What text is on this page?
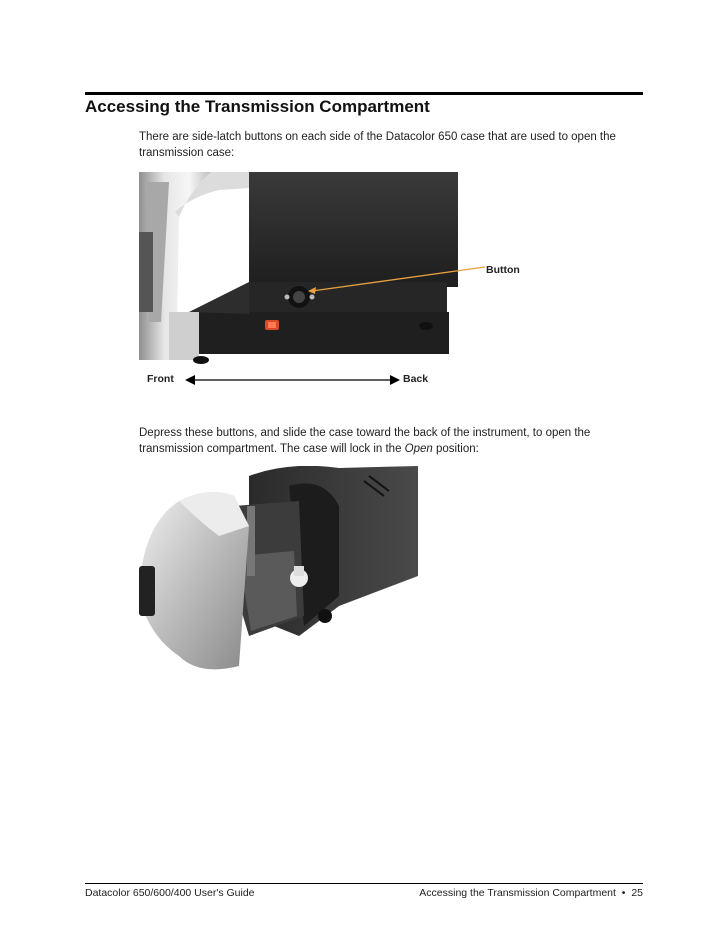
Accessing the Transmission Compartment

There are side-latch buttons on each side of the Datacolor 650 case that are used to open the transmission case:

Button
Front	Back

Depress these buttons, and slide the case toward the back of the instrument, to open the transmission compartment. The case will lock in the Open position:

Datacolor 650/600/400 User's Guide	Accessing the Transmission Compartment • 25
